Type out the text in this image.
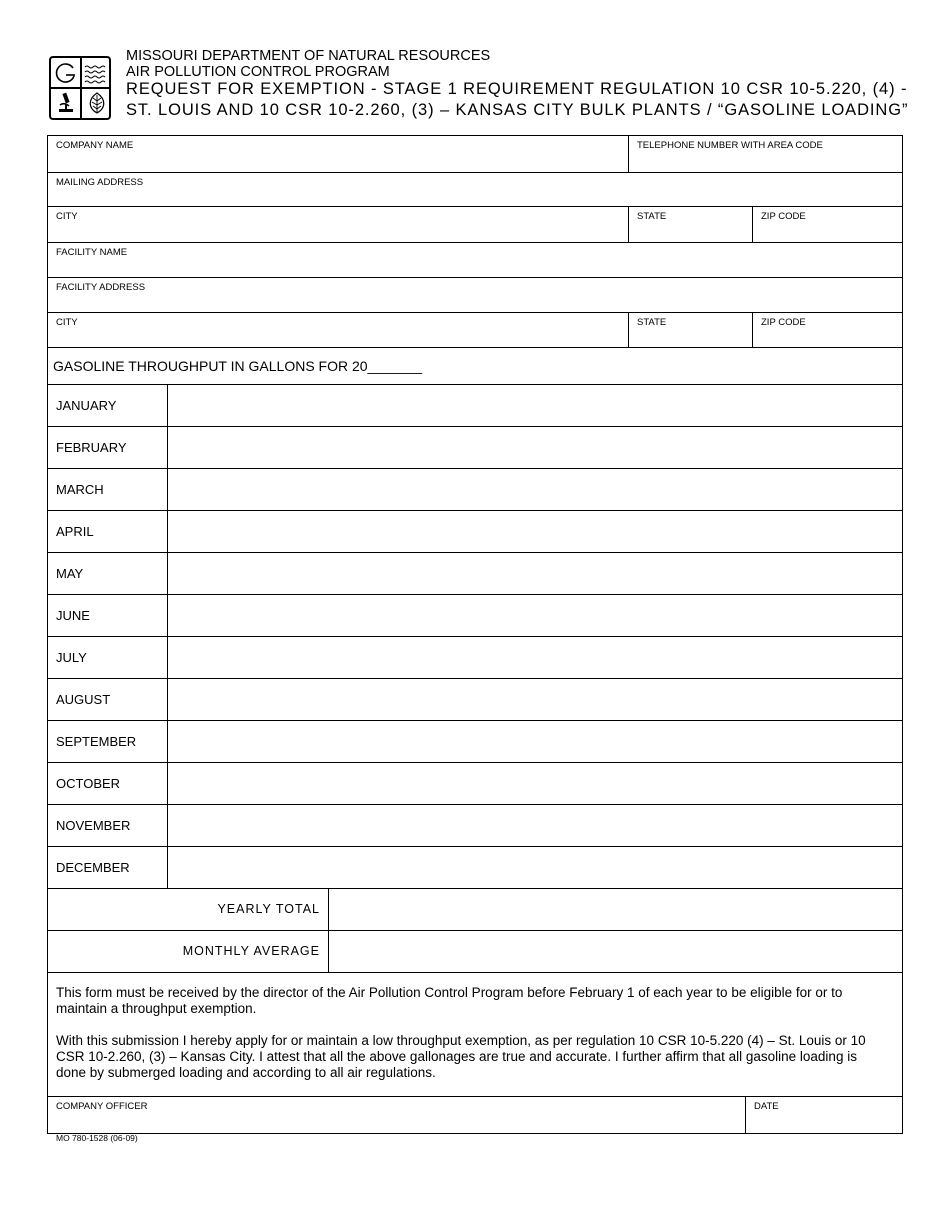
MISSOURI DEPARTMENT OF NATURAL RESOURCES
AIR POLLUTION CONTROL PROGRAM
REQUEST FOR EXEMPTION - STAGE 1 REQUIREMENT REGULATION 10 CSR 10-5.220, (4) -
ST. LOUIS AND 10 CSR 10-2.260, (3) – KANSAS CITY BULK PLANTS / “GASOLINE LOADING”
COMPANY NAME	TELEPHONE NUMBER WITH AREA CODE
MAILING ADDRESS
CITY	STATE	ZIP CODE
FACILITY NAME
FACILITY ADDRESS
CITY	STATE	ZIP CODE
GASOLINE THROUGHPUT IN GALLONS FOR 20_______
JANUARY
FEBRUARY
MARCH
APRIL
MAY
JUNE
JULY
AUGUST
SEPTEMBER
OCTOBER
NOVEMBER
DECEMBER
YEARLY TOTAL
MONTHLY AVERAGE

This form must be received by the director of the Air Pollution Control Program before February 1 of each year to be eligible for or to maintain a throughput exemption.

With this submission I hereby apply for or maintain a low throughput exemption, as per regulation 10 CSR 10-5.220 (4) – St. Louis or 10 CSR 10-2.260, (3) – Kansas City. I attest that all the above gallonages are true and accurate. I further affirm that all gasoline loading is done by submerged loading and according to all air regulations.

COMPANY OFFICER	DATE
MO 780-1528 (06-09)
